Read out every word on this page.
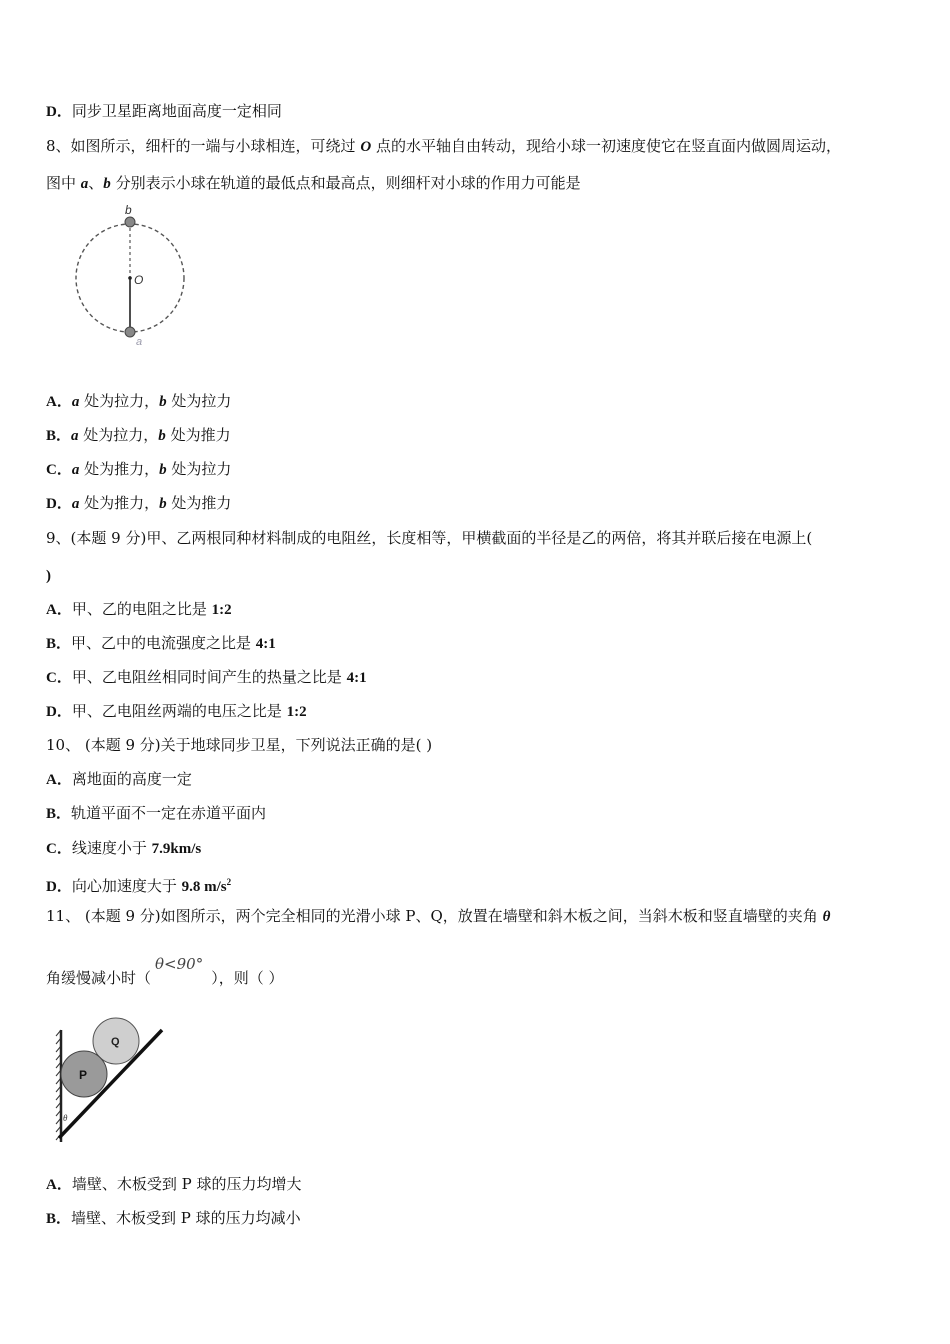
D．同步卫星距离地面高度一定相同
8、如图所示，细杆的一端与小球相连，可绕过 O 点的水平轴自由转动，现给小球一初速度使它在竖直面内做圆周运动，
图中 a、b 分别表示小球在轨道的最低点和最高点，则细杆对小球的作用力可能是
b
O
a
A．a 处为拉力，b 处为拉力
B．a 处为拉力，b 处为推力
C．a 处为推力，b 处为拉力
D．a 处为推力，b 处为推力
9、(本题 9 分)甲、乙两根同种材料制成的电阻丝，长度相等，甲横截面的半径是乙的两倍，将其并联后接在电源上(
)
A．甲、乙的电阻之比是 1:2
B．甲、乙中的电流强度之比是 4:1
C．甲、乙电阻丝相同时间产生的热量之比是 4:1
D．甲、乙电阻丝两端的电压之比是 1:2
10、 (本题 9 分)关于地球同步卫星，下列说法正确的是( )
A．离地面的高度一定
B．轨道平面不一定在赤道平面内
C．线速度小于 7.9km/s
D．向心加速度大于 9.8 $m/s^2$
11、 (本题 9 分)如图所示，两个完全相同的光滑小球 P、Q，放置在墙壁和斜木板之间，当斜木板和竖直墙壁的夹角 θ
角缓慢减小时（θ<90°），则（ ）
Q
P
θ
A．墙壁、木板受到 P 球的压力均增大
B．墙壁、木板受到 P 球的压力均减小
